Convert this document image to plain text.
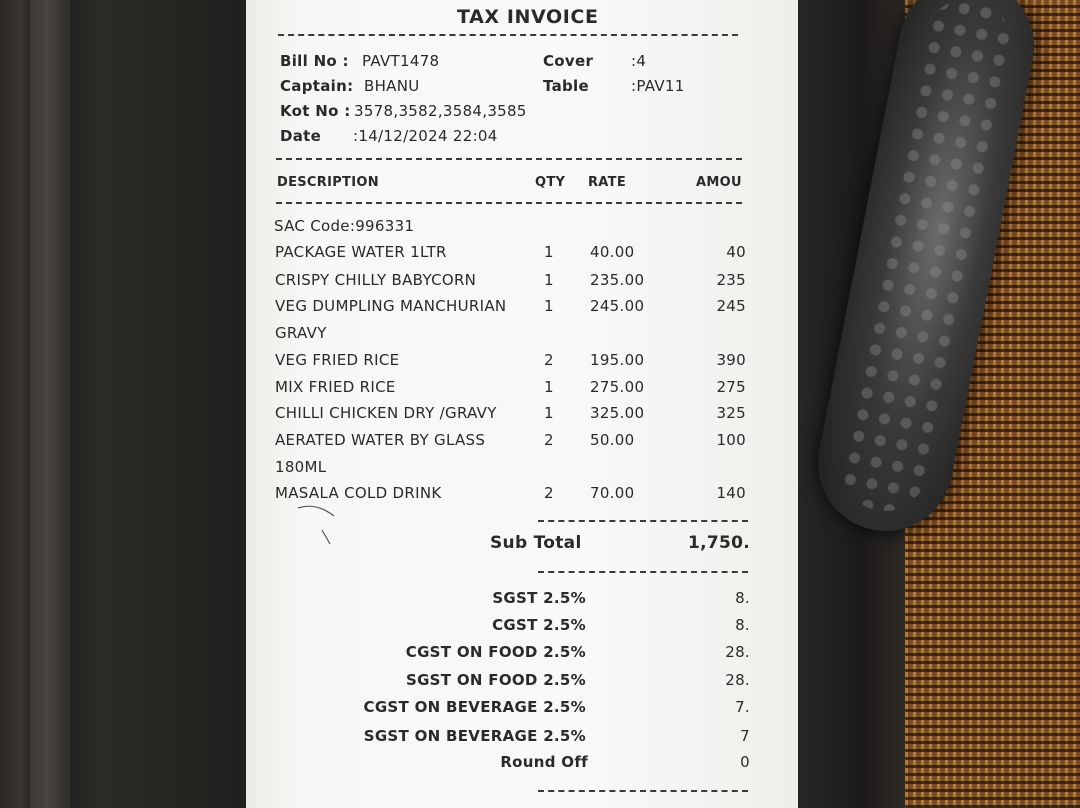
TAX INVOICE
Bill No : PAVT1478	Cover	:4
Captain: BHANU	Table	:PAV11
Kot No : 3578,3582,3584,3585
Date :14/12/2024 22:04
DESCRIPTION	QTY RATE	AMOU
SAC Code:996331
PACKAGE WATER 1LTR	1 40.00	40
CRISPY CHILLY BABYCORN	1 235.00	235
VEG DUMPLING MANCHURIAN	1 245.00	245
GRAVY
VEG FRIED RICE	2 195.00	390
MIX FRIED RICE	1 275.00	275
CHILLI CHICKEN DRY /GRAVY	1 325.00	325
AERATED WATER BY GLASS	2 50.00	100
180ML
MASALA COLD DRINK	2 70.00	140
Sub Total	1,750.
SGST 2.5%	8.
CGST 2.5%	8.
CGST ON FOOD 2.5%	28.
SGST ON FOOD 2.5%	28.
CGST ON BEVERAGE 2.5%	7.
SGST ON BEVERAGE 2.5%	7
Round Off	0
